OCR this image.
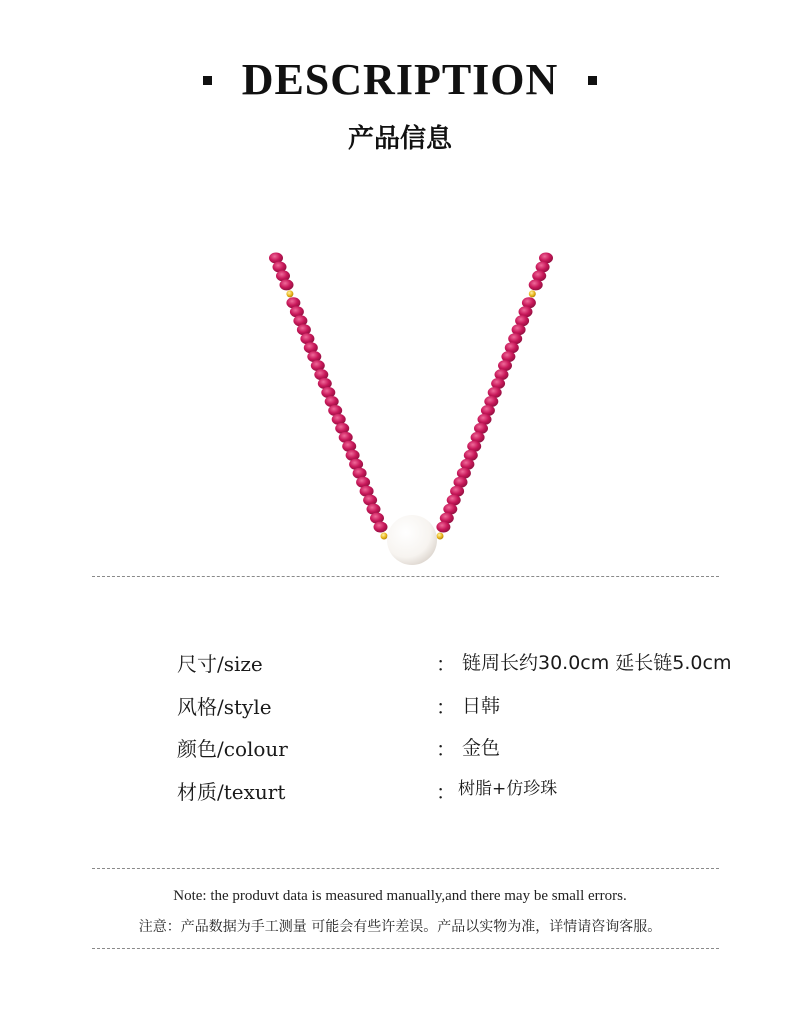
DESCRIPTION
产品信息
尺寸/size	： 链周长约30.0cm 延长链5.0cm
风格/style	： 日韩
颜色/colour	： 金色
材质/texurt	： 树脂+仿珍珠
Note: the produvt data is measured manually,and there may be small errors.
注意：产品数据为手工测量 可能会有些许差误。产品以实物为准，详情请咨询客服。
